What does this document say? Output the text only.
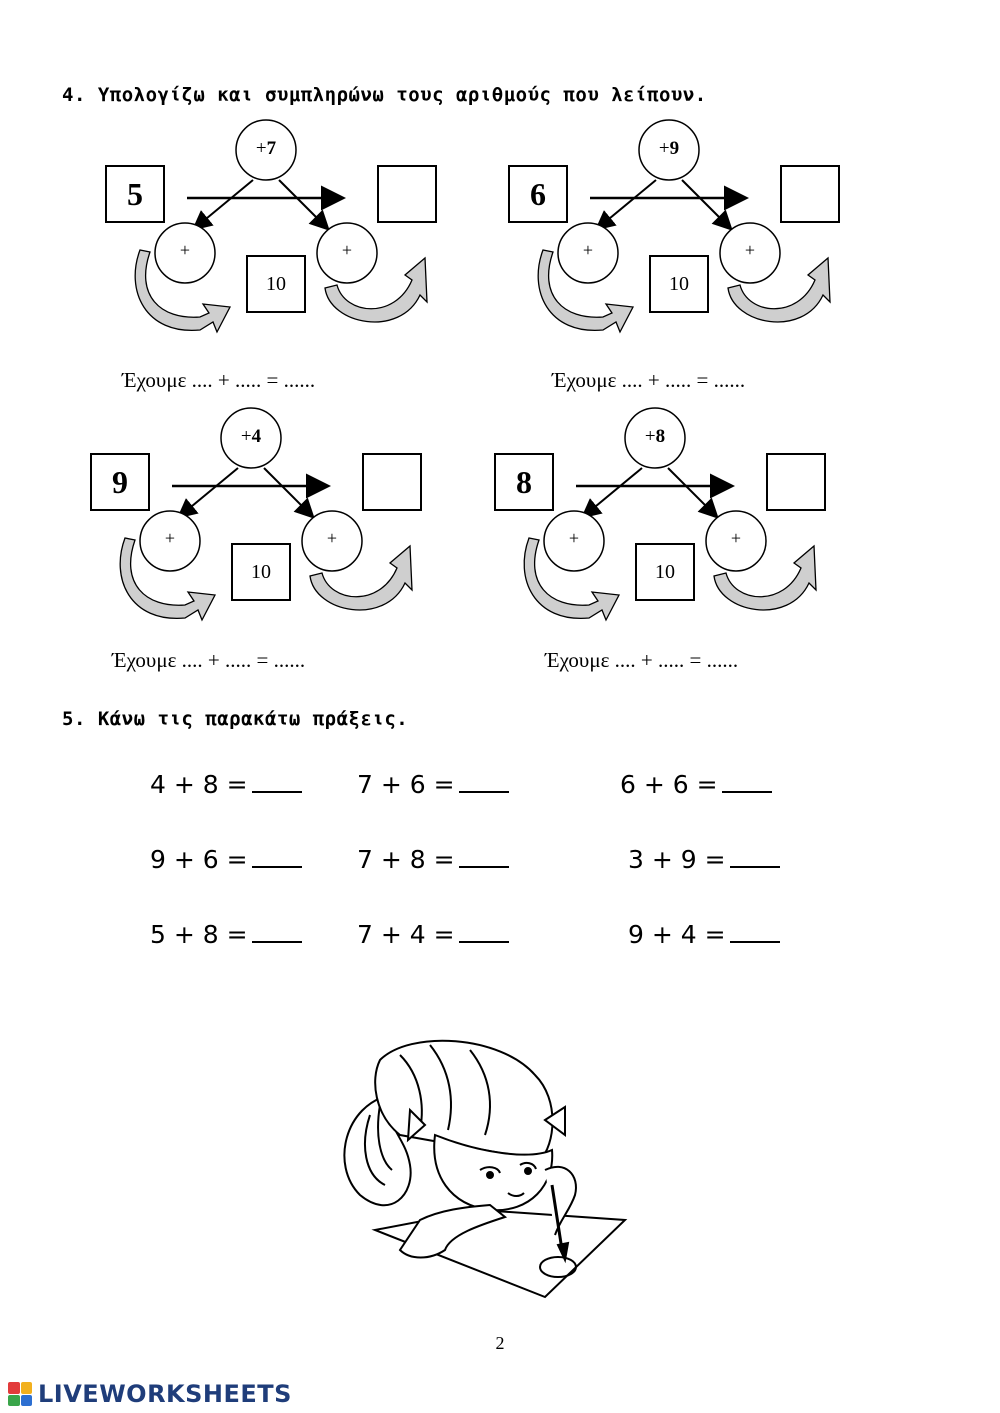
4. Υπολογίζω και συμπληρώνω τους αριθμούς που λείπουν.
5
10
+7
+	+
Έχουμε .... + ..... = ......
6
10
+9
+	+
Έχουμε .... + ..... = ......
9
10
+4
+	+
Έχουμε .... + ..... = ......
8
10
+8
+	+
Έχουμε .... + ..... = ......
5. Κάνω τις παρακάτω πράξεις.
4 + 8 =	7 + 6 =	6 + 6 =
9 + 6 =	7 + 8 =	3 + 9 =
5 + 8 =	7 + 4 =	9 + 4 =
2
LIVEWORKSHEETS
